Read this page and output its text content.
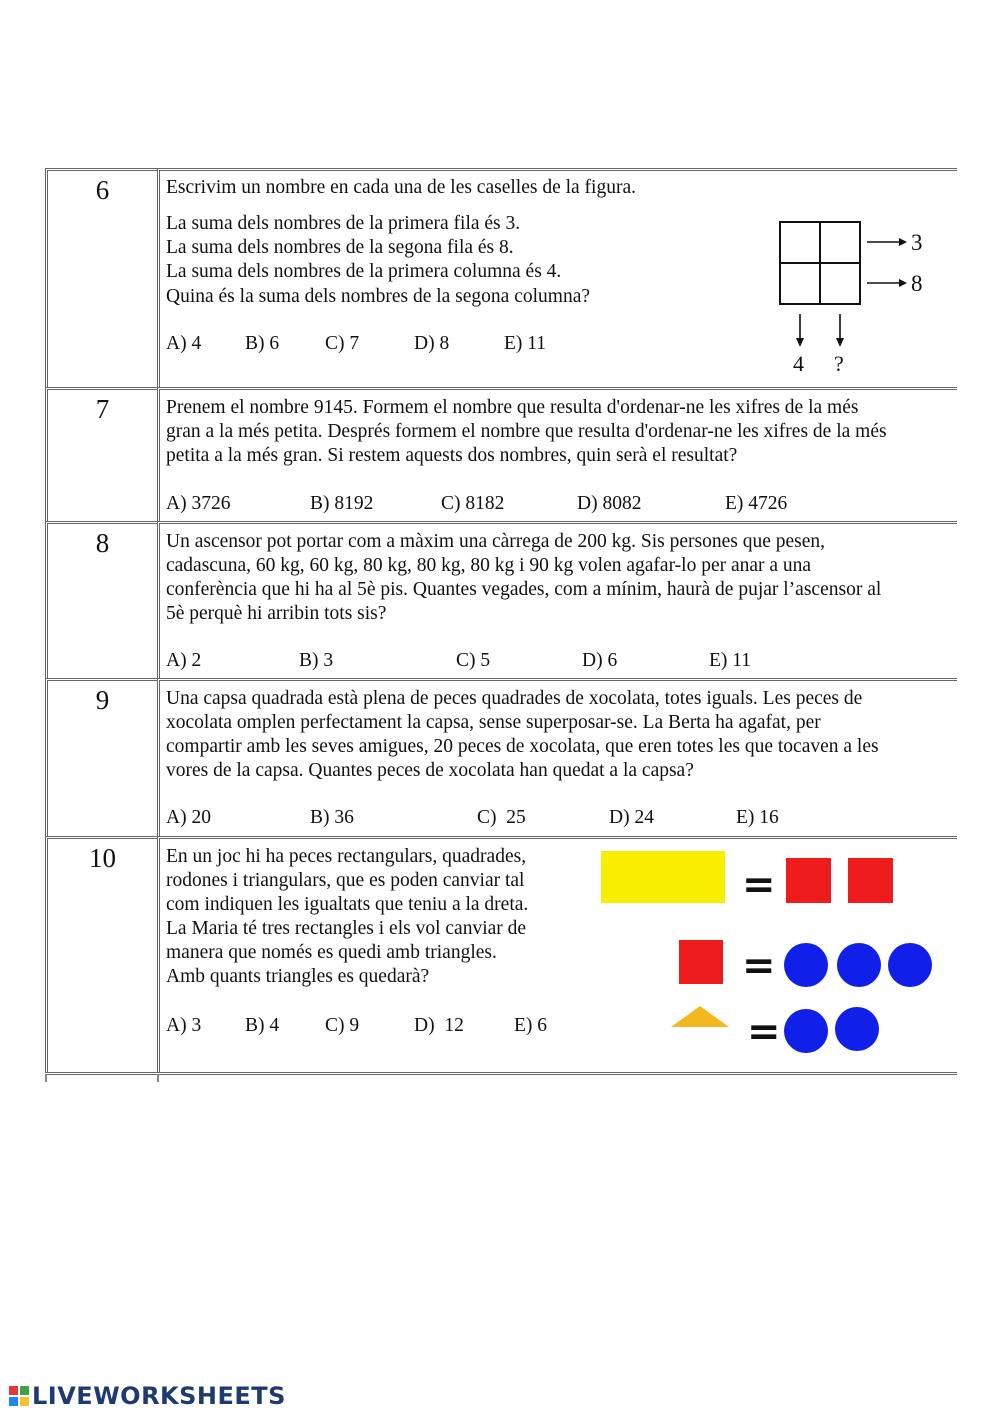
6	Escrivim un nombre en cada una de les caselles de la figura.
La suma dels nombres de la primera fila és 3.
La suma dels nombres de la segona fila és 8.
La suma dels nombres de la primera columna és 4.
Quina és la suma dels nombres de la segona columna?
A) 4 B) 6 C) 7	D) 8	E) 11
3
8
4 ?
7	Prenem el nombre 9145. Formem el nombre que resulta d'ordenar-ne les xifres de la més
gran a la més petita. Després formem el nombre que resulta d'ordenar-ne les xifres de la més
petita a la més gran. Si restem aquests dos nombres, quin serà el resultat?
A) 3726	B) 8192	C) 8182	D) 8082	E) 4726
8	Un ascensor pot portar com a màxim una càrrega de 200 kg. Sis persones que pesen,
cadascuna, 60 kg, 60 kg, 80 kg, 80 kg, 80 kg i 90 kg volen agafar-lo per anar a una
conferència que hi ha al 5è pis. Quantes vegades, com a mínim, haurà de pujar l’ascensor al
5è perquè hi arribin tots sis?
A) 2	B) 3	C) 5	D) 6	E) 11
9	Una capsa quadrada està plena de peces quadrades de xocolata, totes iguals. Les peces de
xocolata omplen perfectament la capsa, sense superposar-se. La Berta ha agafat, per
compartir amb les seves amigues, 20 peces de xocolata, que eren totes les que tocaven a les
vores de la capsa. Quantes peces de xocolata han quedat a la capsa?
A) 20	B) 36	C)  25	D) 24	E) 16
10	En un joc hi ha peces rectangulars, quadrades,
rodones i triangulars, que es poden canviar tal
com indiquen les igualtats que teniu a la dreta.
La Maria té tres rectangles i els vol canviar de
manera que només es quedi amb triangles.
Amb quants triangles es quedarà?
A) 3 B) 4 C) 9	D)  12	E) 6
=
=
=
LIVEWORKSHEETS
